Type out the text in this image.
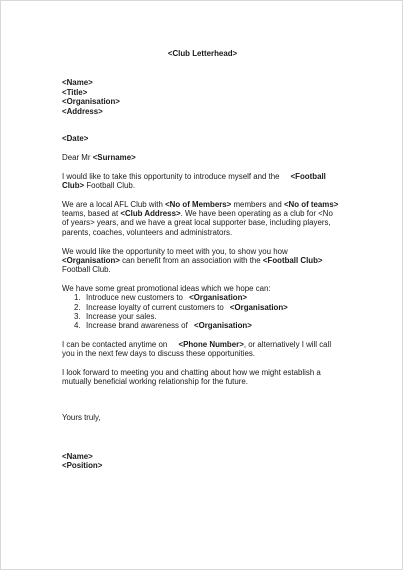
<Club Letterhead>
<Name>
<Title>
<Organisation>
<Address>
<Date>
Dear Mr <Surname>
I would like to take this opportunity to introduce myself and the <Football
Club> Football Club.
We are a local AFL Club with <No of Members> members and <No of teams>
teams, based at <Club Address>. We have been operating as a club for <No
of years> years, and we have a great local supporter base, including players,
parents, coaches, volunteers and administrators.
We would like the opportunity to meet with you, to show you how
<Organisation> can benefit from an association with the <Football Club>
Football Club.
We have some great promotional ideas which we hope can:
1. Introduce new customers to <Organisation>
2. Increase loyalty of current customers to <Organisation>
3. Increase your sales.
4. Increase brand awareness of <Organisation>
I can be contacted anytime on <Phone Number>, or alternatively I will call
you in the next few days to discuss these opportunities.
I look forward to meeting you and chatting about how we might establish a
mutually beneficial working relationship for the future.
Yours truly,
<Name>
<Position>
